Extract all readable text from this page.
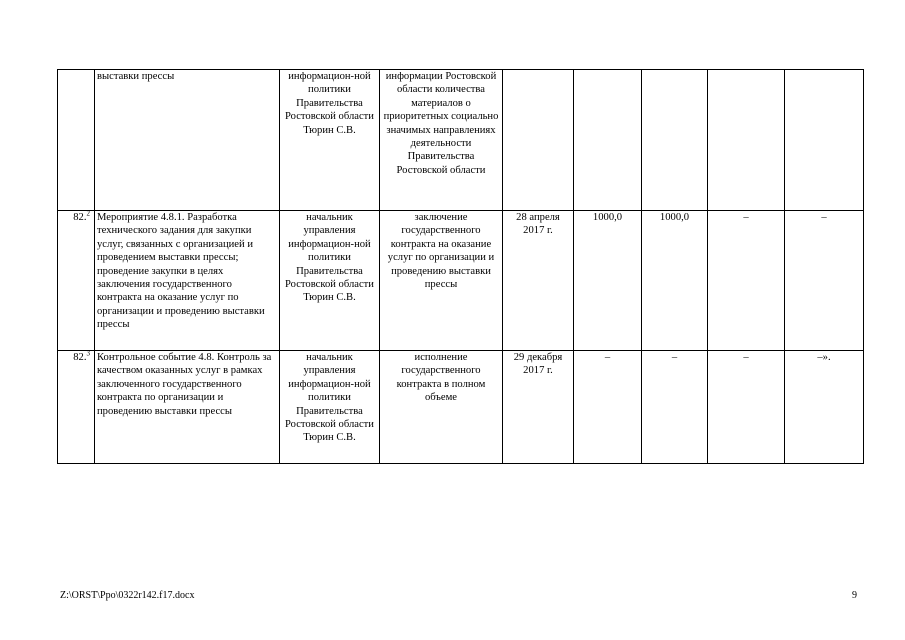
	выставки прессы	информацион-ной политики Правительства Ростовской области Тюрин С.В.	информации Ростовской области количества материалов о приоритетных социально значимых направлениях деятельности Правительства Ростовской области					
82.$^2$	Мероприятие 4.8.1. Разработка технического задания для закупки услуг, связанных с организацией и проведением выставки прессы; проведение закупки в целях заключения государственного контракта на оказание услуг по организации и проведению выставки прессы	начальник управления информацион-ной политики Правительства Ростовской области Тюрин С.В.	заключение государственного контракта на оказание услуг по организации и проведению выставки прессы	28 апреля 2017 г.	1000,0	1000,0	–	–
82.$^3$	Контрольное событие 4.8. Контроль за качеством оказанных услуг в рамках заключенного государственного контракта по организации и проведению выставки прессы	начальник управления информацион-ной политики Правительства Ростовской области Тюрин С.В.	исполнение государственного контракта в полном объеме	29 декабря 2017 г.	–	–	–	–».
Z:\ORST\Ppo\0322r142.f17.docx	9
